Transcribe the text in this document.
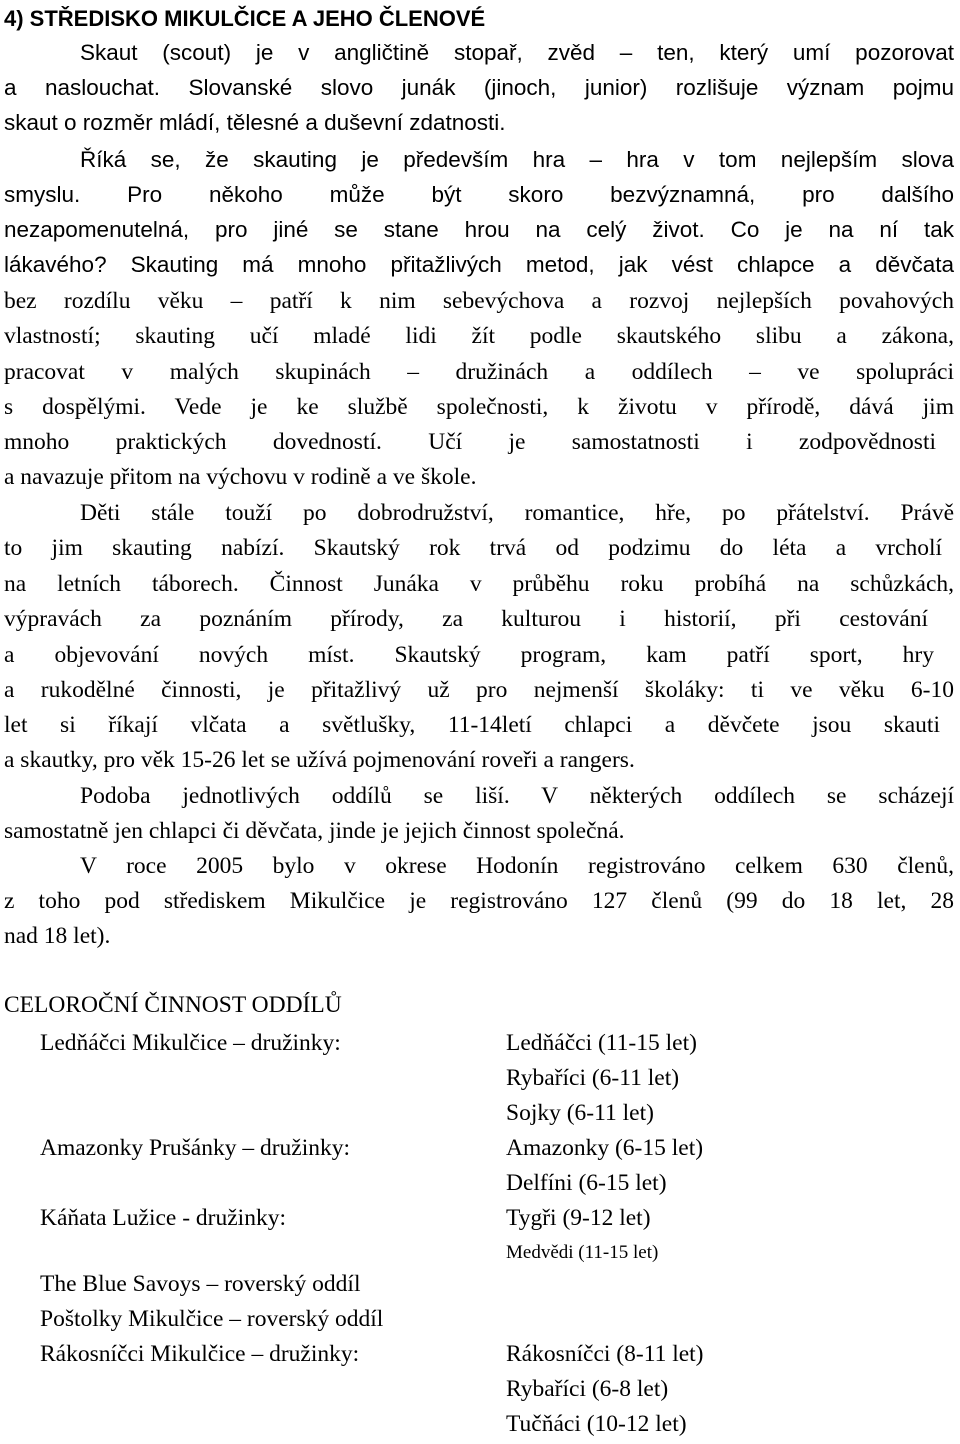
4) STŘEDISKO MIKULČICE A JEHO ČLENOVÉ
Skaut (scout) je v angličtině stopař, zvěd – ten, který umí pozorovat
a naslouchat. Slovanské slovo junák (jinoch, junior) rozlišuje význam pojmu
skaut o rozměr mládí, tělesné a duševní zdatnosti.
Říká se, že skauting je především hra – hra v tom nejlepším slova
smyslu. Pro někoho může být skoro bezvýznamná, pro dalšího
nezapomenutelná, pro jiné se stane hrou na celý život. Co je na ní tak
lákavého? Skauting má mnoho přitažlivých metod, jak vést chlapce a děvčata
bez rozdílu věku – patří k nim sebevýchova a rozvoj nejlepších povahových
vlastností; skauting učí mladé lidi žít podle skautského slibu a zákona,
pracovat v malých skupinách – družinách a oddílech – ve spolupráci
s dospělými. Vede je ke službě společnosti, k životu v přírodě, dává jim
mnoho praktických dovedností. Učí je samostatnosti i zodpovědnosti
a navazuje přitom na výchovu v rodině a ve škole.
Děti stále touží po dobrodružství, romantice, hře, po přátelství. Právě
to jim skauting nabízí. Skautský rok trvá od podzimu do léta a vrcholí
na letních táborech. Činnost Junáka v průběhu roku probíhá na schůzkách,
výpravách za poznáním přírody, za kulturou i historií, při cestování
a objevování nových míst. Skautský program, kam patří sport, hry
a rukodělné činnosti, je přitažlivý už pro nejmenší školáky: ti ve věku 6-10
let si říkají vlčata a světlušky, 11-14letí chlapci a děvčete jsou skauti
a skautky, pro věk 15-26 let se užívá pojmenování roveři a rangers.
Podoba jednotlivých oddílů se liší. V některých oddílech se scházejí
samostatně jen chlapci či děvčata, jinde je jejich činnost společná.
V roce 2005 bylo v okrese Hodonín registrováno celkem 630 členů,
z toho pod střediskem Mikulčice je registrováno 127 členů (99 do 18 let, 28
nad 18 let).
CELOROČNÍ ČINNOST ODDÍLŮ
Ledňáčci Mikulčice – družinky:	Ledňáčci (11-15 let)
Rybaříci (6-11 let)
Sojky (6-11 let)
Amazonky Prušánky – družinky:	Amazonky (6-15 let)
Delfíni (6-15 let)
Káňata Lužice - družinky:	Tygři (9-12 let)
Medvědi (11-15 let)
The Blue Savoys – roverský oddíl
Poštolky Mikulčice – roverský oddíl
Rákosníčci Mikulčice – družinky:	Rákosníčci (8-11 let)
Rybaříci (6-8 let)
Tučňáci (10-12 let)
